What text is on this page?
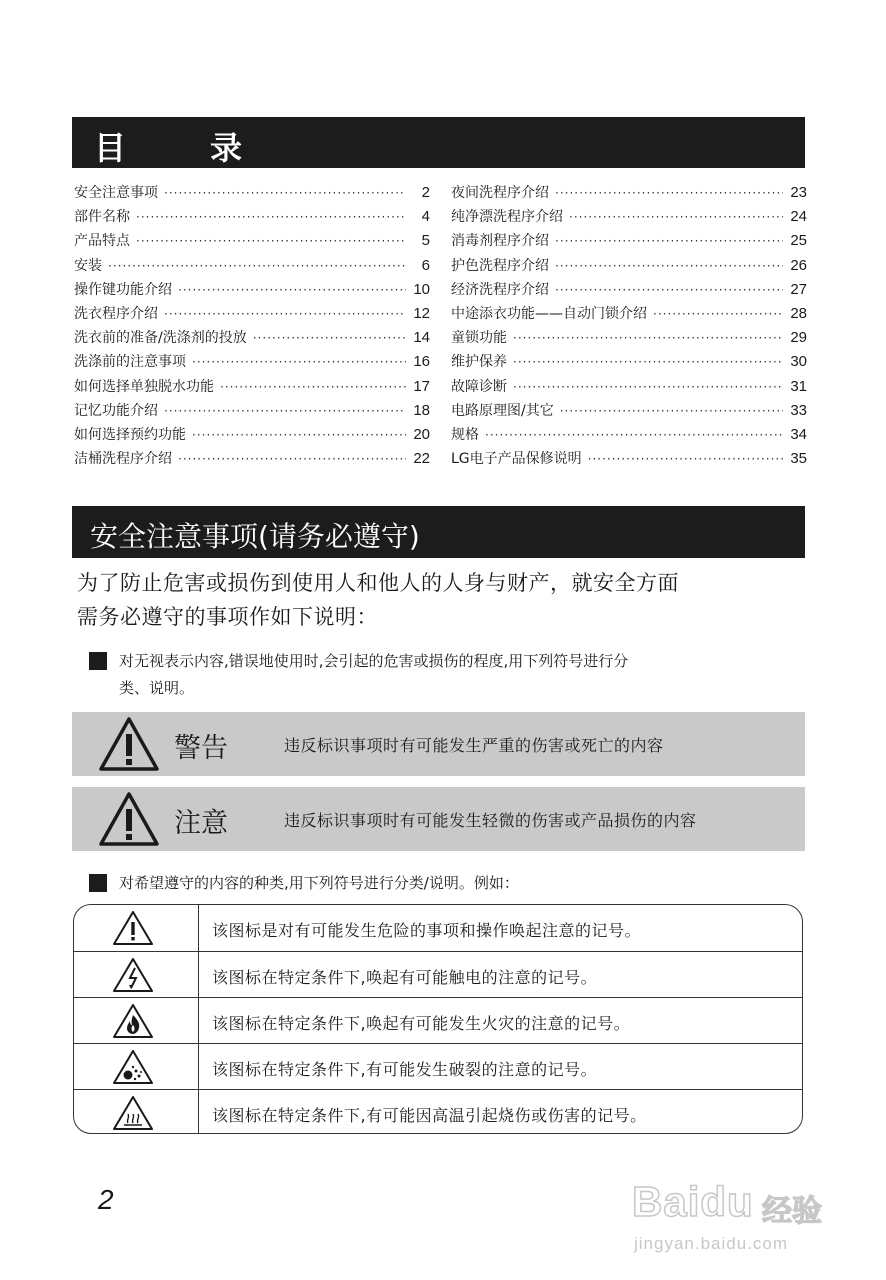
目　录
安全注意事项 ·····	2
部件名称 ·····	4
产品特点 ·····	5
安装 ·····	6
操作键功能介绍 ·····	10
洗衣程序介绍 ·····	12
洗衣前的准备/洗涤剂的投放 ·····	14
洗涤前的注意事项 ·····	16
如何选择单独脱水功能 ·····	17
记忆功能介绍 ·····	18
如何选择预约功能 ·····	20
洁桶洗程序介绍 ·····	22
夜间洗程序介绍 ·····	23
纯净漂洗程序介绍 ·····	24
消毒剂程序介绍 ·····	25
护色洗程序介绍 ·····	26
经济洗程序介绍 ·····	27
中途添衣功能——自动门锁介绍 ·····	28
童锁功能 ·····	29
维护保养 ·····	30
故障诊断 ·····	31
电路原理图/其它 ·····	33
规格 ·····	34
LG电子产品保修说明 ·····	35
安全注意事项(请务必遵守)
为了防止危害或损伤到使用人和他人的人身与财产，就安全方面
需务必遵守的事项作如下说明：
对无视表示内容,错误地使用时,会引起的危害或损伤的程度,用下列符号进行分
类、说明。
警告	违反标识事项时有可能发生严重的伤害或死亡的内容
注意	违反标识事项时有可能发生轻微的伤害或产品损伤的内容
对希望遵守的内容的种类,用下列符号进行分类/说明。例如：
该图标是对有可能发生危险的事项和操作唤起注意的记号。
该图标在特定条件下,唤起有可能触电的注意的记号。
该图标在特定条件下,唤起有可能发生火灾的注意的记号。
该图标在特定条件下,有可能发生破裂的注意的记号。
该图标在特定条件下,有可能因高温引起烧伤或伤害的记号。
2	Baidu 经验
jingyan.baidu.com
